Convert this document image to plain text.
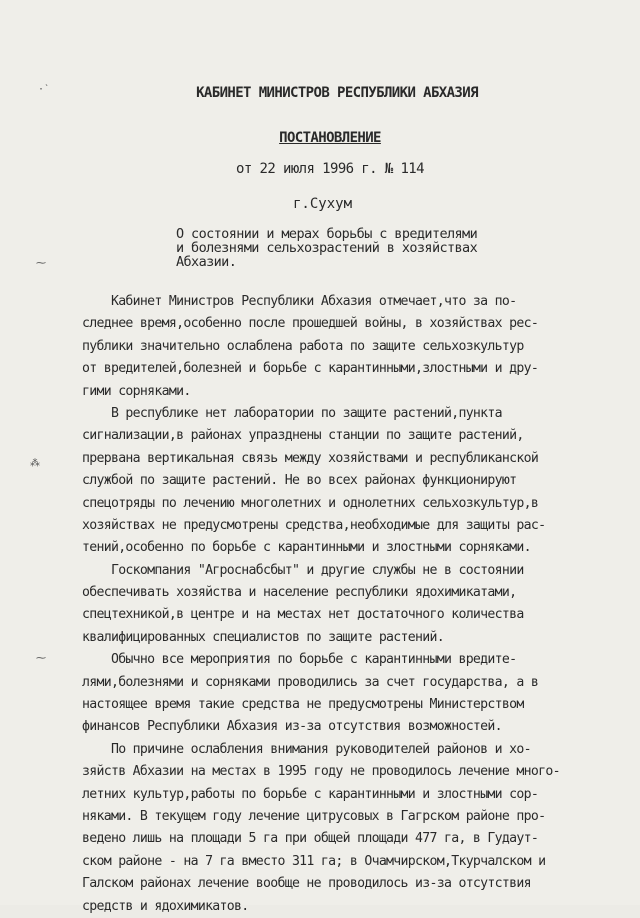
·ˋ
⁓
⁂
⁓
КАБИНЕТ МИНИСТРОВ РЕСПУБЛИКИ АБХАЗИЯ
ПОСТАНОВЛЕНИЕ
от 22 июля 1996 г. № 114
г.Сухум
О состоянии и мерах борьбы с вредителями
и болезнями сельхозрастений в хозяйствах
Абхазии.
Кабинет Министров Республики Абхазия отмечает,что за по-
следнее время,особенно после прошедшей войны, в хозяйствах рес-
публики значительно ослаблена работа по защите сельхозкультур
от вредителей,болезней и борьбе с карантинными,злостными и дру-
гими сорняками.
В республике нет лаборатории по защите растений,пункта
сигнализации,в районах упразднены станции по защите растений,
прервана вертикальная связь между хозяйствами и республиканской
службой по защите растений. Не во всех районах функционируют
спецотряды по лечению многолетних и однолетних сельхозкультур,в
хозяйствах не предусмотрены средства,необходимые для защиты рас-
тений,особенно по борьбе с карантинными и злостными сорняками.
Госкомпания "Агроснабсбыт" и другие службы не в состоянии
обеспечивать хозяйства и население республики ядохимикатами,
спецтехникой,в центре и на местах нет достаточного количества
квалифицированных специалистов по защите растений.
Обычно все мероприятия по борьбе с карантинными вредите-
лями,болезнями и сорняками проводились за счет государства, а в
настоящее время такие средства не предусмотрены Министерством
финансов Республики Абхазия из-за отсутствия возможностей.
По причине ослабления внимания руководителей районов и хо-
зяйств Абхазии на местах в 1995 году не проводилось лечение много-
летних культур,работы по борьбе с карантинными и злостными сор-
няками. В текущем году лечение цитрусовых в Гагрском районе про-
ведено лишь на площади 5 га при общей площади 477 га, в Гудаут-
ском районе - на 7 га вместо 311 га; в Очамчирском,Ткурчалском и
Галском районах лечение вообще не проводилось из-за отсутствия
средств и ядохимикатов.
